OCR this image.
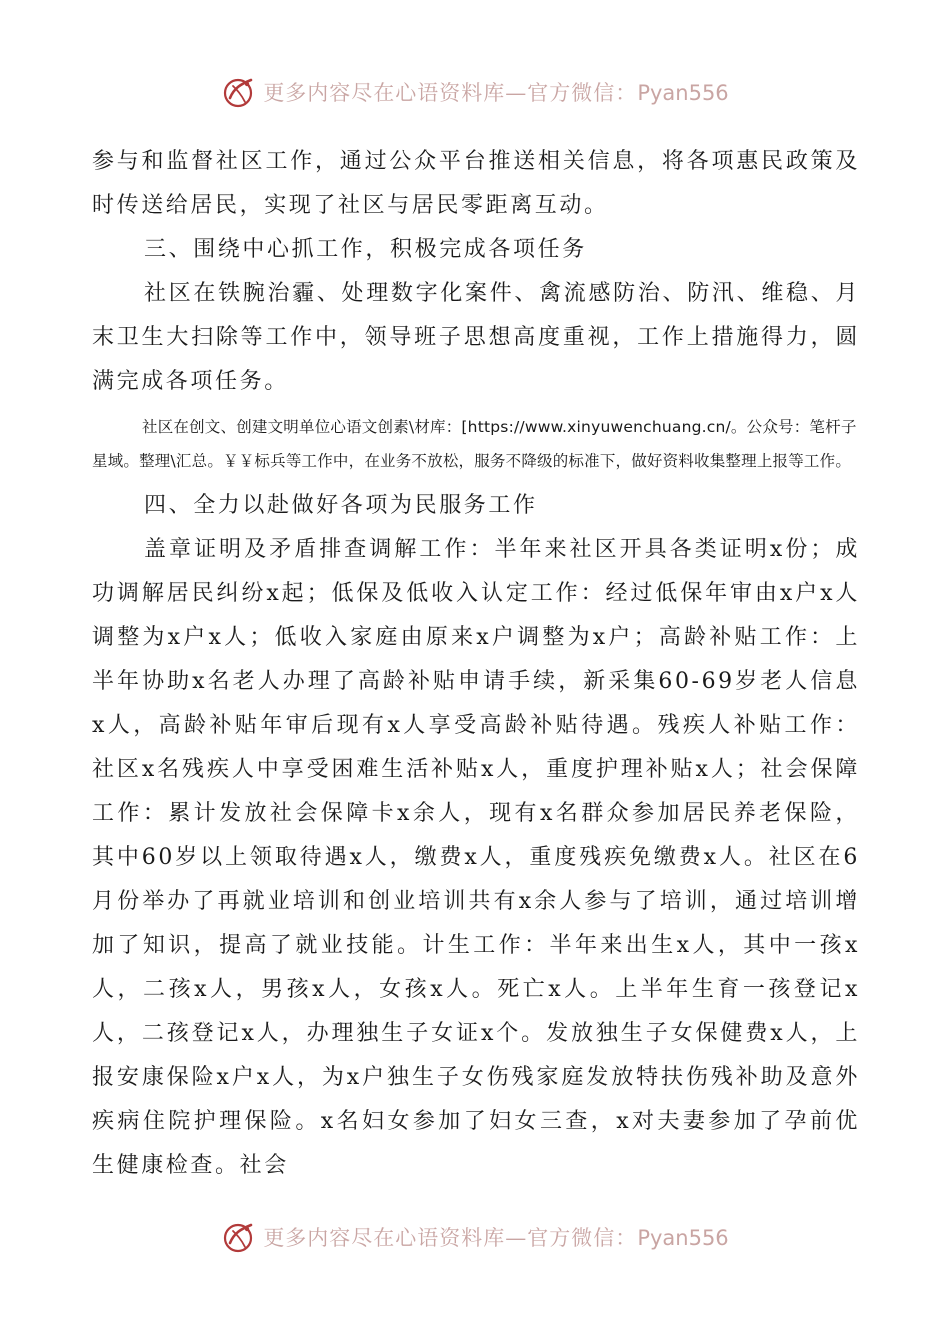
更多内容尽在心语资料库—官方微信：Pyan556

参与和监督社区工作，通过公众平台推送相关信息，将各项惠民政策及时传送给居民，实现了社区与居民零距离互动。

三、围绕中心抓工作，积极完成各项任务

社区在铁腕治霾、处理数字化案件、禽流感防治、防汛、维稳、月末卫生大扫除等工作中，领导班子思想高度重视，工作上措施得力，圆满完成各项任务。

社区在创文、创建文明单位心语文创素\材库：[https://www.xinyuwenchuang.cn/。公众号：笔杆子星域。整理\汇总。￥￥标兵等工作中，在业务不放松，服务不降级的标准下，做好资料收集整理上报等工作。

四、全力以赴做好各项为民服务工作

盖章证明及矛盾排查调解工作：半年来社区开具各类证明x份；成功调解居民纠纷x起；低保及低收入认定工作：经过低保年审由x户x人调整为x户x人；低收入家庭由原来x户调整为x户；高龄补贴工作：上半年协助x名老人办理了高龄补贴申请手续，新采集60-69岁老人信息x人，高龄补贴年审后现有x人享受高龄补贴待遇。残疾人补贴工作：社区x名残疾人中享受困难生活补贴x人，重度护理补贴x人；社会保障工作：累计发放社会保障卡x余人，现有x名群众参加居民养老保险，其中60岁以上领取待遇x人，缴费x人，重度残疾免缴费x人。社区在6月份举办了再就业培训和创业培训共有x余人参与了培训，通过培训增加了知识，提高了就业技能。计生工作：半年来出生x人，其中一孩x人，二孩x人，男孩x人，女孩x人。死亡x人。上半年生育一孩登记x人，二孩登记x人，办理独生子女证x个。发放独生子女保健费x人，上报安康保险x户x人，为x户独生子女伤残家庭发放特扶伤残补助及意外疾病住院护理保险。x名妇女参加了妇女三查，x对夫妻参加了孕前优生健康检查。社会

更多内容尽在心语资料库—官方微信：Pyan556
